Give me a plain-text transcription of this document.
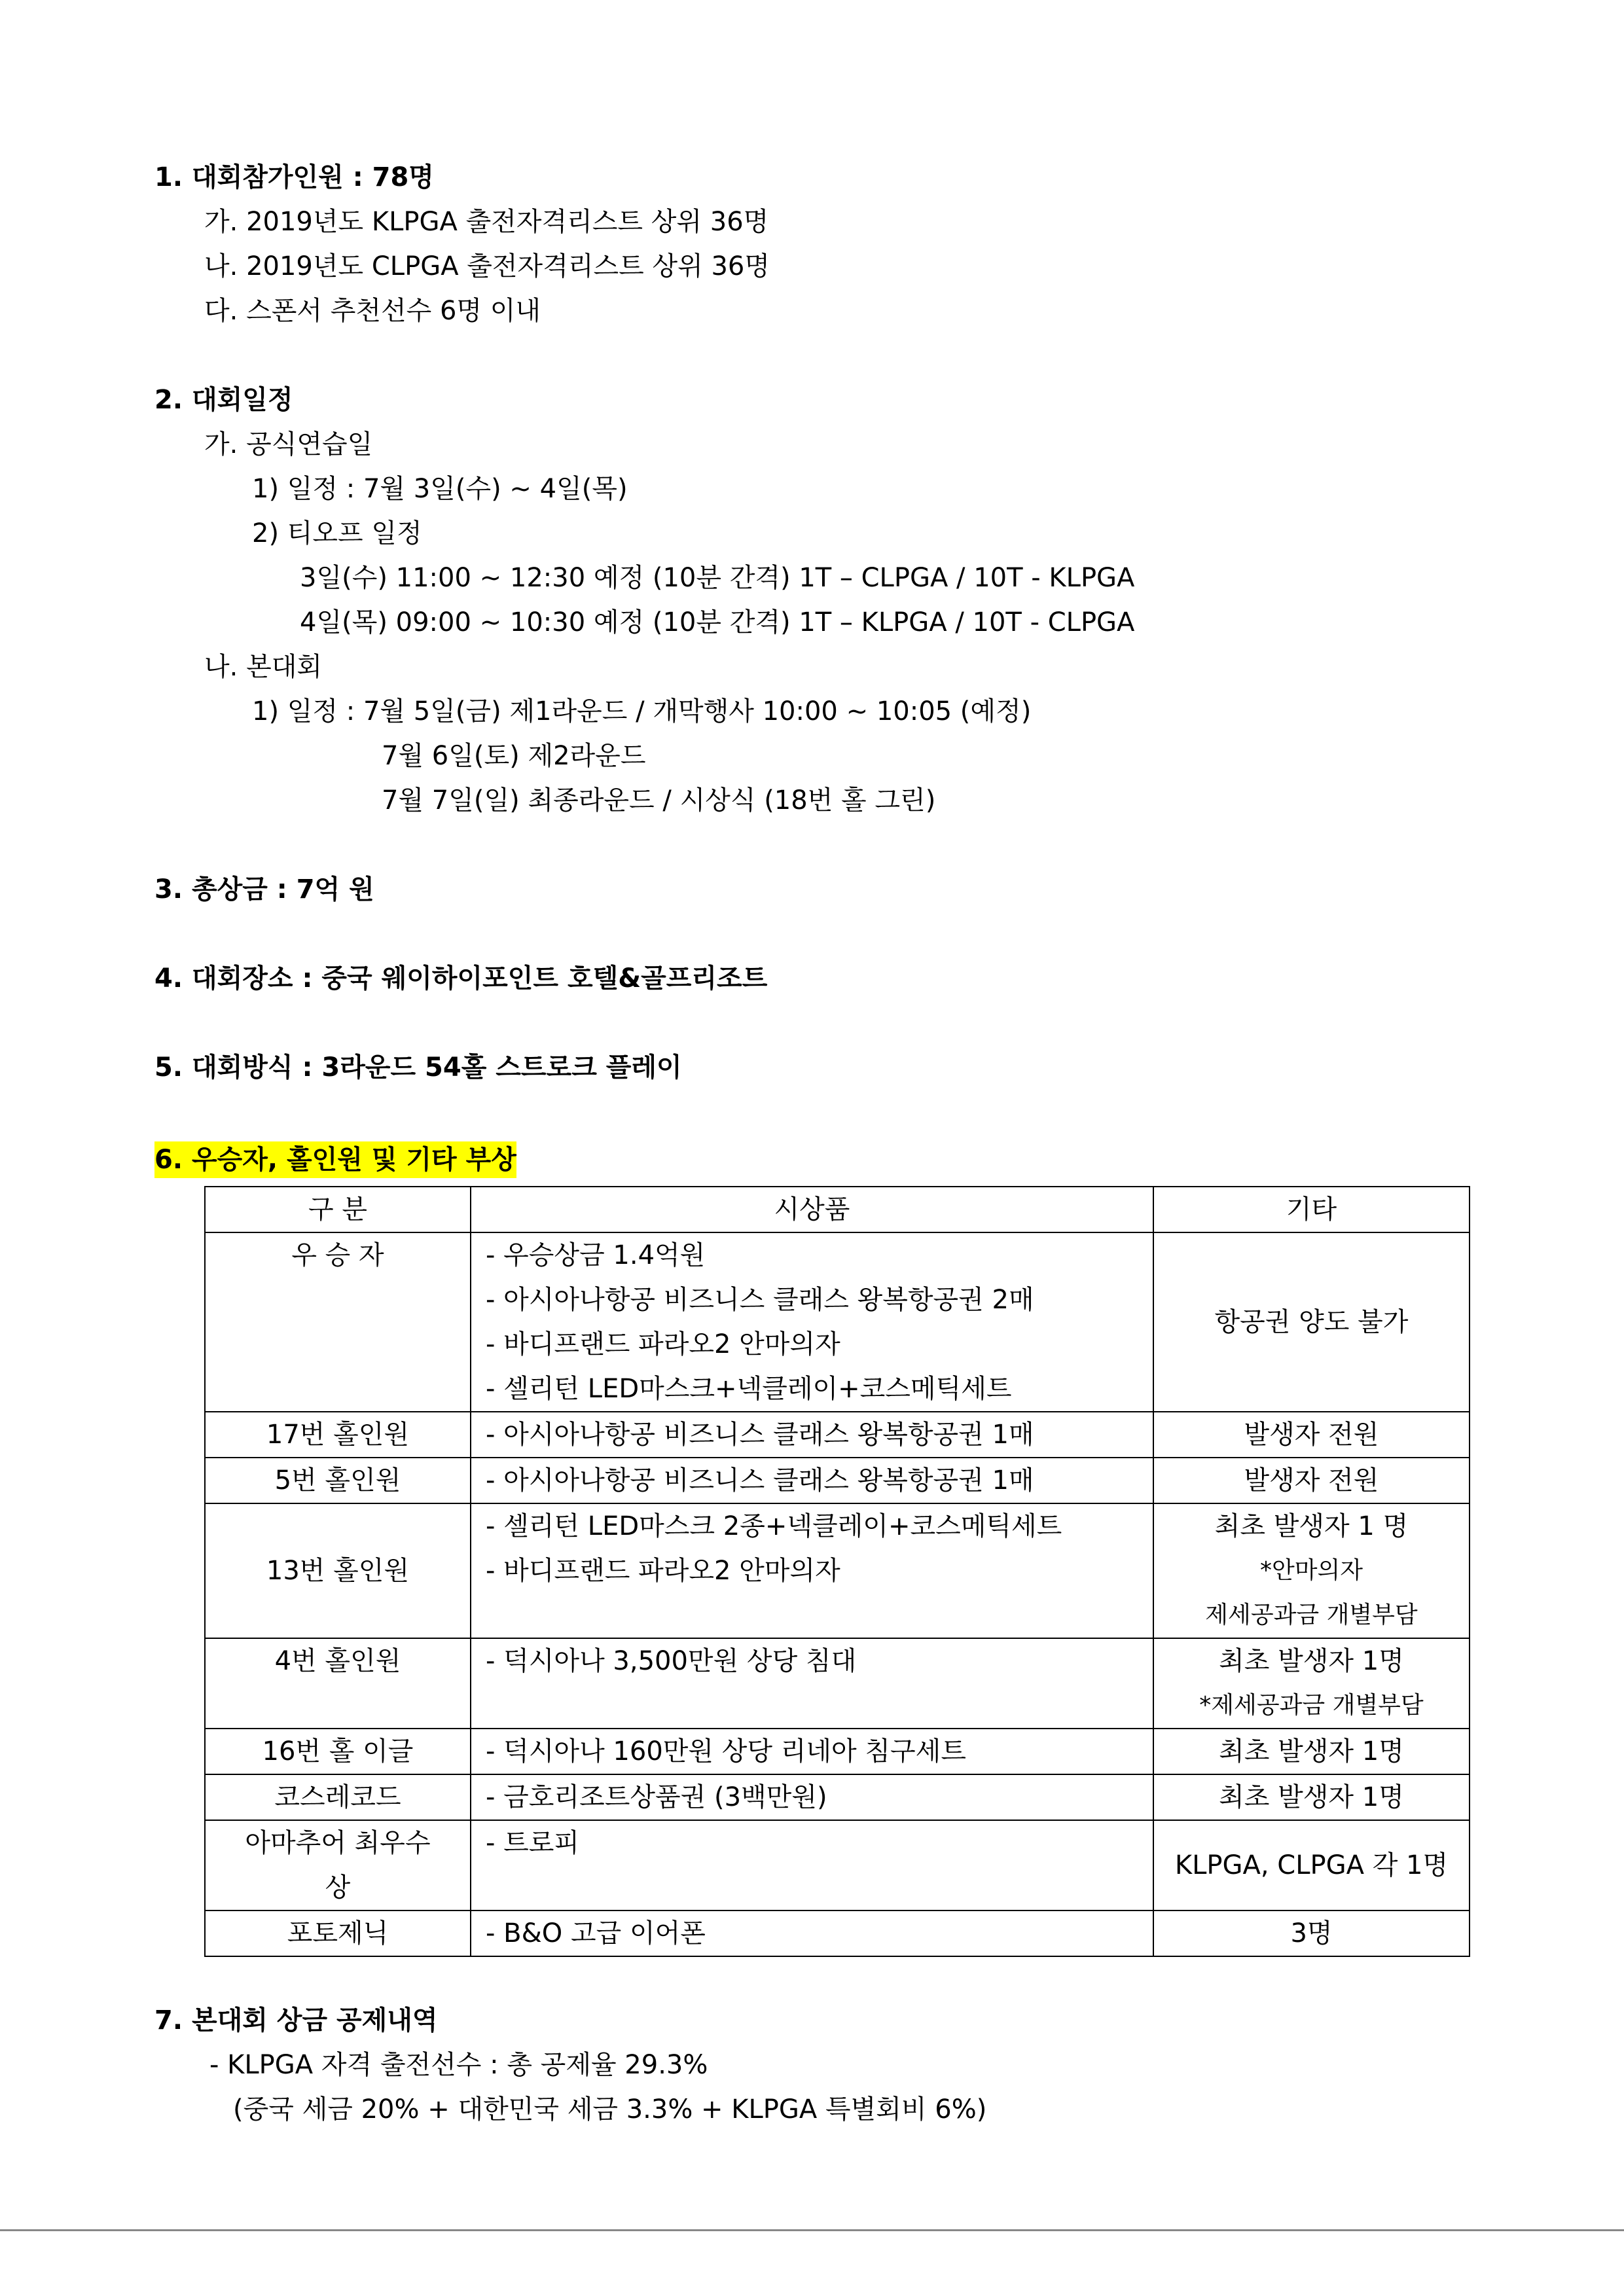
1. 대회참가인원 : 78명
가. 2019년도 KLPGA 출전자격리스트 상위 36명
나. 2019년도 CLPGA 출전자격리스트 상위 36명
다. 스폰서 추천선수 6명 이내
2. 대회일정
가. 공식연습일
1) 일정 : 7월 3일(수) ~ 4일(목)
2) 티오프 일정
3일(수) 11:00 ~ 12:30 예정 (10분 간격) 1T – CLPGA / 10T - KLPGA
4일(목) 09:00 ~ 10:30 예정 (10분 간격) 1T – KLPGA / 10T - CLPGA
나. 본대회
1) 일정 : 7월 5일(금) 제1라운드 / 개막행사 10:00 ~ 10:05 (예정)
7월 6일(토) 제2라운드
7월 7일(일) 최종라운드 / 시상식 (18번 홀 그린)
3. 총상금 : 7억 원
4. 대회장소 : 중국 웨이하이포인트 호텔&골프리조트
5. 대회방식 : 3라운드 54홀 스트로크 플레이
6. 우승자, 홀인원 및 기타 부상
구 분	시상품	기타

우 승 자	- 우승상금 1.4억원
- 아시아나항공 비즈니스 클래스 왕복항공권 2매
- 바디프랜드 파라오2 안마의자
- 셀리턴 LED마스크+넥클레이+코스메틱세트	항공권 양도 불가

17번 홀인원	- 아시아나항공 비즈니스 클래스 왕복항공권 1매	발생자 전원

5번 홀인원	- 아시아나항공 비즈니스 클래스 왕복항공권 1매	발생자 전원

13번 홀인원	- 셀리턴 LED마스크 2종+넥클레이+코스메틱세트
- 바디프랜드 파라오2 안마의자	최초 발생자 1 명
*안마의자
제세공과금 개별부담

4번 홀인원	- 덕시아나 3,500만원 상당 침대	최초 발생자 1명
*제세공과금 개별부담

16번 홀 이글	- 덕시아나 160만원 상당 리네아 침구세트	최초 발생자 1명

코스레코드	- 금호리조트상품권 (3백만원)	최초 발생자 1명

아마추어 최우수
상	- 트로피	KLPGA, CLPGA 각 1명

포토제닉	- B&O 고급 이어폰	3명
7. 본대회 상금 공제내역
- KLPGA 자격 출전선수 : 총 공제율 29.3%
(중국 세금 20% + 대한민국 세금 3.3% + KLPGA 특별회비 6%)
